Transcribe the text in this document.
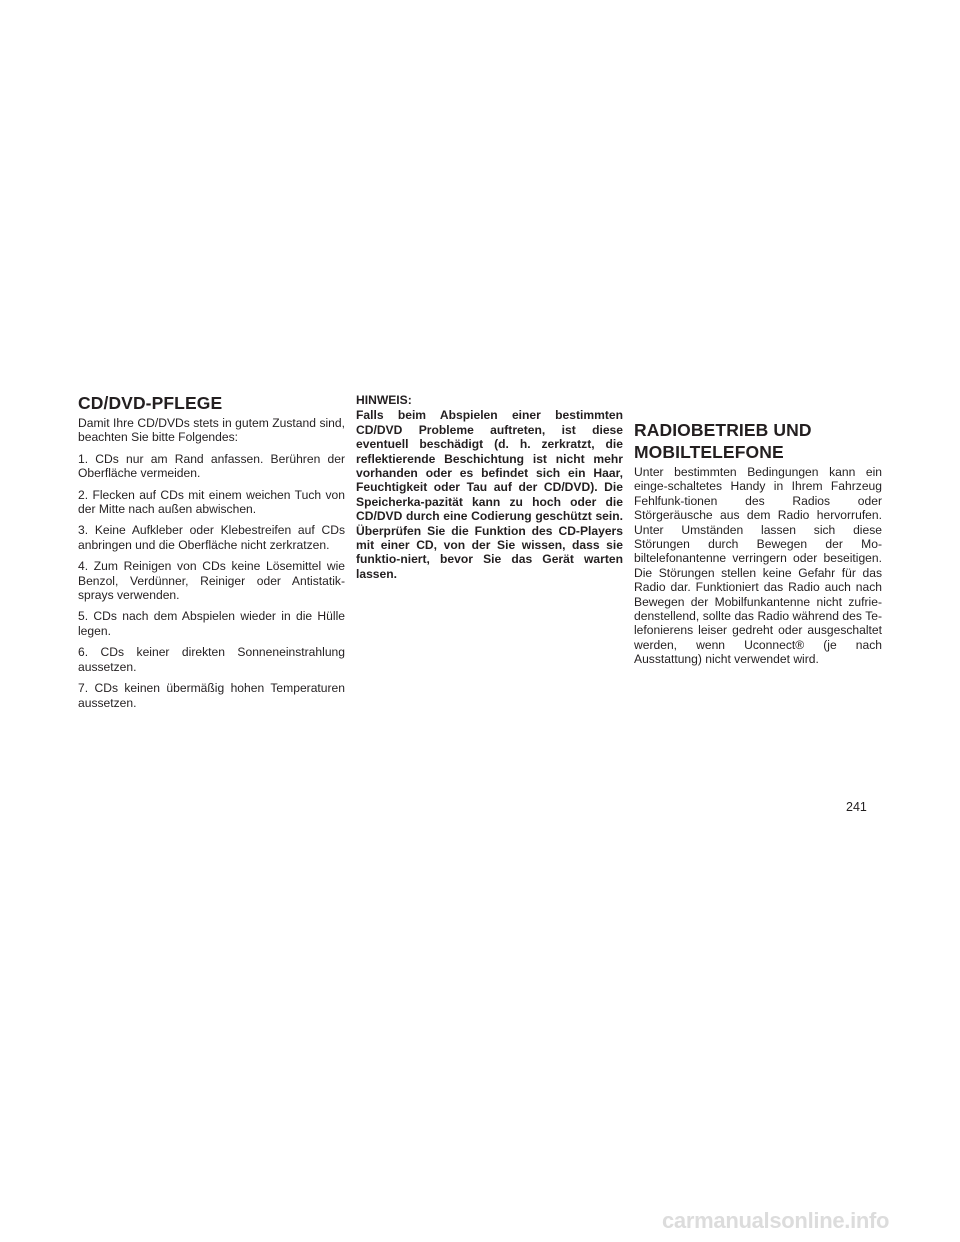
CD/DVD-PFLEGE

Damit Ihre CD/DVDs stets in gutem Zustand sind, beachten Sie bitte Folgendes:

1. CDs nur am Rand anfassen. Berühren der Oberfläche vermeiden.

2. Flecken auf CDs mit einem weichen Tuch von der Mitte nach außen abwischen.

3. Keine Aufkleber oder Klebestreifen auf CDs anbringen und die Oberfläche nicht zerkratzen.

4. Zum Reinigen von CDs keine Lösemittel wie Benzol, Verdünner, Reiniger oder Antistatik-sprays verwenden.

5. CDs nach dem Abspielen wieder in die Hülle legen.

6. CDs keiner direkten Sonneneinstrahlung aussetzen.

7. CDs keinen übermäßig hohen Temperaturen aussetzen.

HINWEIS:

Falls beim Abspielen einer bestimmten CD/DVD Probleme auftreten, ist diese eventuell beschädigt (d. h. zerkratzt, die reflektierende Beschichtung ist nicht mehr vorhanden oder es befindet sich ein Haar, Feuchtigkeit oder Tau auf der CD/DVD). Die Speicherka-pazität kann zu hoch oder die CD/DVD durch eine Codierung geschützt sein. Überprüfen Sie die Funktion des CD-Players mit einer CD, von der Sie wissen, dass sie funktio-niert, bevor Sie das Gerät warten lassen.

RADIOBETRIEB UND
MOBILTELEFONE

Unter bestimmten Bedingungen kann ein einge-schaltetes Handy in Ihrem Fahrzeug Fehlfunk-tionen des Radios oder Störgeräusche aus dem Radio hervorrufen. Unter Umständen lassen sich diese Störungen durch Bewegen der Mo-biltelefonantenne verringern oder beseitigen. Die Störungen stellen keine Gefahr für das Radio dar. Funktioniert das Radio auch nach Bewegen der Mobilfunkantenne nicht zufrie-denstellend, sollte das Radio während des Te-lefonierens leiser gedreht oder ausgeschaltet werden, wenn Uconnect® (je nach Ausstattung) nicht verwendet wird.

241
carmanualsonline.info
